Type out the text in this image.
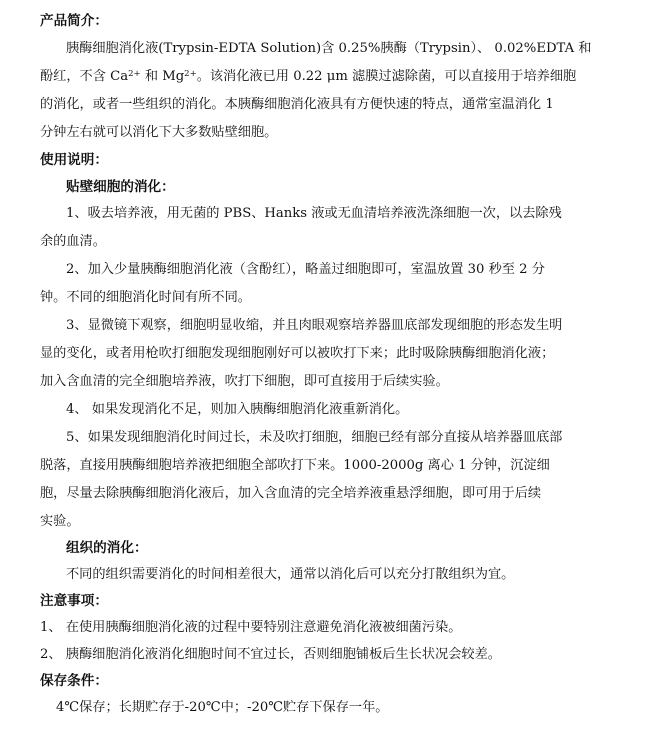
产品简介：
胰酶细胞消化液(Trypsin-EDTA Solution)含 0.25%胰酶（Trypsin）、 0.02%EDTA 和
酚红，不含 $Ca^{2+}$ 和 $Mg^{2+}$。该消化液已用 0.22 μm 滤膜过滤除菌，可以直接用于培养细胞
的消化，或者一些组织的消化。本胰酶细胞消化液具有方便快速的特点，通常室温消化 1
分钟左右就可以消化下大多数贴壁细胞。
使用说明：
贴壁细胞的消化：
1、吸去培养液，用无菌的 PBS、Hanks 液或无血清培养液洗涤细胞一次，以去除残
余的血清。
2、加入少量胰酶细胞消化液（含酚红），略盖过细胞即可，室温放置 30 秒至 2 分
钟。不同的细胞消化时间有所不同。
3、显微镜下观察，细胞明显收缩，并且肉眼观察培养器皿底部发现细胞的形态发生明
显的变化，或者用枪吹打细胞发现细胞刚好可以被吹打下来；此时吸除胰酶细胞消化液；
加入含血清的完全细胞培养液，吹打下细胞，即可直接用于后续实验。
4、 如果发现消化不足，则加入胰酶细胞消化液重新消化。
5、如果发现细胞消化时间过长，未及吹打细胞，细胞已经有部分直接从培养器皿底部
脱落，直接用胰酶细胞培养液把细胞全部吹打下来。1000-2000g 离心 1 分钟，沉淀细
胞，尽量去除胰酶细胞消化液后，加入含血清的完全培养液重悬浮细胞，即可用于后续
实验。
组织的消化：
不同的组织需要消化的时间相差很大，通常以消化后可以充分打散组织为宜。
注意事项：
1、 在使用胰酶细胞消化液的过程中要特别注意避免消化液被细菌污染。
2、 胰酶细胞消化液消化细胞时间不宜过长，否则细胞铺板后生长状况会较差。
保存条件：
4℃保存；长期贮存于-20℃中；-20℃贮存下保存一年。
